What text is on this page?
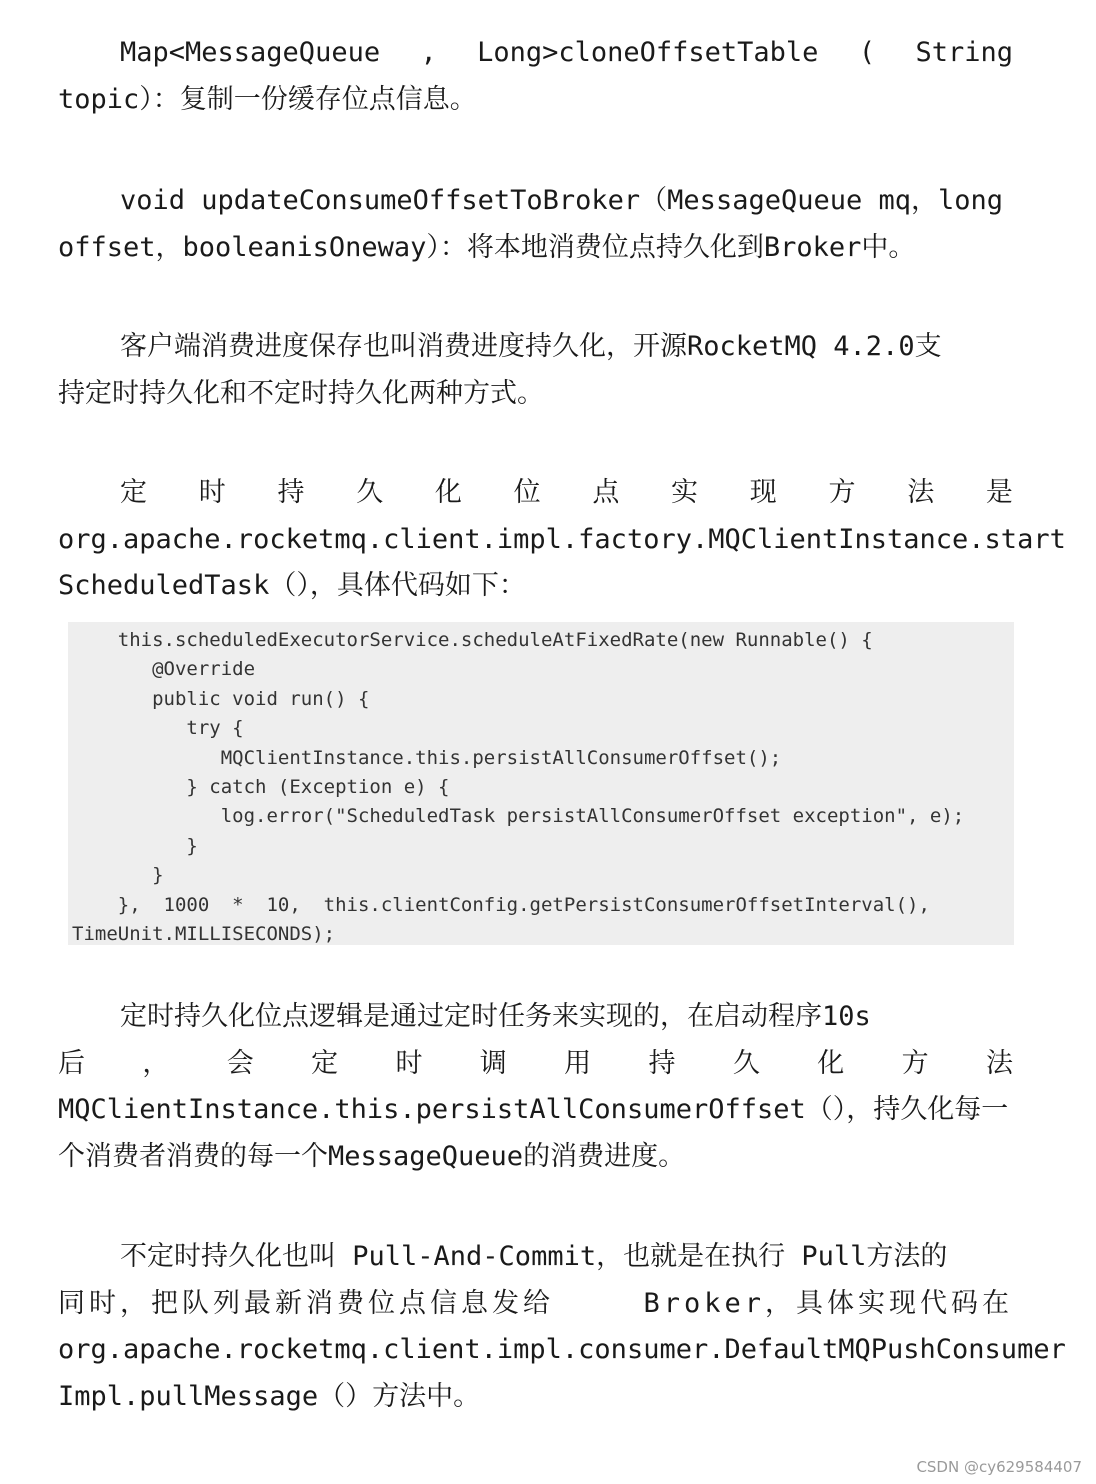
Map<MessageQueue , Long>cloneOffsetTable ( String
topic）：复制一份缓存位点信息。
void updateConsumeOffsetToBroker（MessageQueue mq，long
offset，booleanisOneway）：将本地消费位点持久化到Broker中。
客户端消费进度保存也叫消费进度持久化，开源RocketMQ 4.2.0支
持定时持久化和不定时持久化两种方式。
定 时 持 久 化 位 点 实 现 方 法 是
org.apache.rocketmq.client.impl.factory.MQClientInstance.start
ScheduledTask（），具体代码如下：
this.scheduledExecutorService.scheduleAtFixedRate(new Runnable() {
@Override
public void run() {
try {
MQClientInstance.this.persistAllConsumerOffset();
} catch (Exception e) {
log.error("ScheduledTask persistAllConsumerOffset exception", e);
}
}
},  1000  *  10,  this.clientConfig.getPersistConsumerOffsetInterval(),
TimeUnit.MILLISECONDS);
定时持久化位点逻辑是通过定时任务来实现的，在启动程序10s
后 ， 会 定 时 调 用 持 久 化 方 法
MQClientInstance.this.persistAllConsumerOffset（），持久化每一
个消费者消费的每一个MessageQueue的消费进度。
不定时持久化也叫 Pull-And-Commit，也就是在执行 Pull方法的
同时，把队列最新消费位点信息发给	Broker，具体实现代码在
org.apache.rocketmq.client.impl.consumer.DefaultMQPushConsumer
Impl.pullMessage（）方法中。
CSDN @cy629584407
